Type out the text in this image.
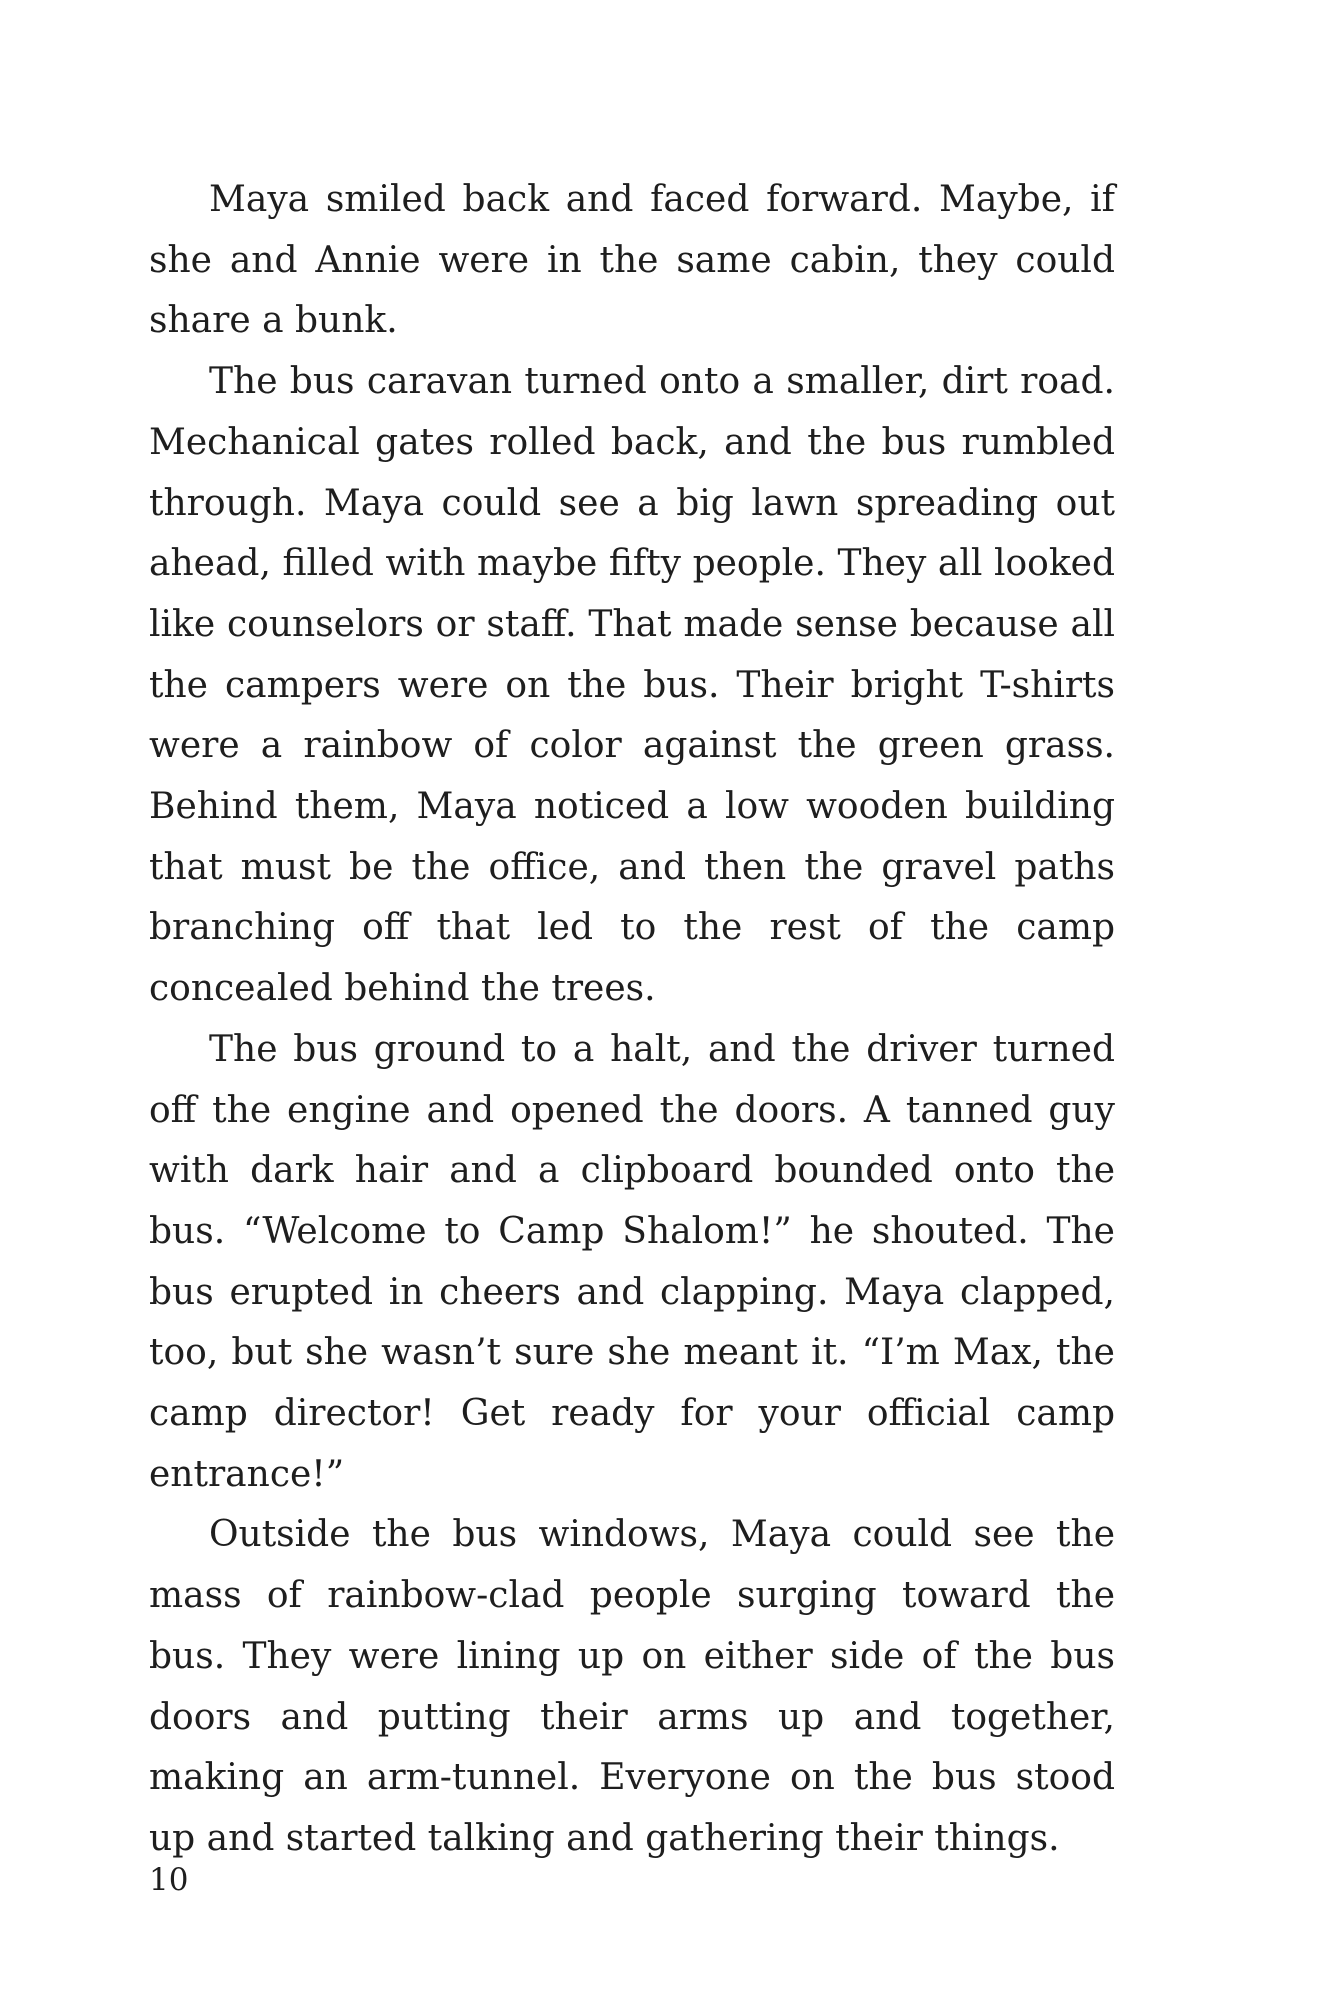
Maya smiled back and faced forward. Maybe, if she and Annie were in the same cabin, they could share a bunk.

The bus caravan turned onto a smaller, dirt road. Mechanical gates rolled back, and the bus rumbled through. Maya could see a big lawn spreading out ahead, filled with maybe fifty people. They all looked like counselors or staff. That made sense because all the campers were on the bus. Their bright T-shirts were a rainbow of color against the green grass. Behind them, Maya noticed a low wooden building that must be the office, and then the gravel paths branching off that led to the rest of the camp concealed behind the trees.

The bus ground to a halt, and the driver turned off the engine and opened the doors. A tanned guy with dark hair and a clipboard bounded onto the bus. “Welcome to Camp Shalom!” he shouted. The bus erupted in cheers and clapping. Maya clapped, too, but she wasn’t sure she meant it. “I’m Max, the camp director! Get ready for your official camp entrance!”

Outside the bus windows, Maya could see the mass of rainbow-clad people surging toward the bus. They were lining up on either side of the bus doors and putting their arms up and together, making an arm-tunnel. Everyone on the bus stood up and started talking and gathering their things.

10
